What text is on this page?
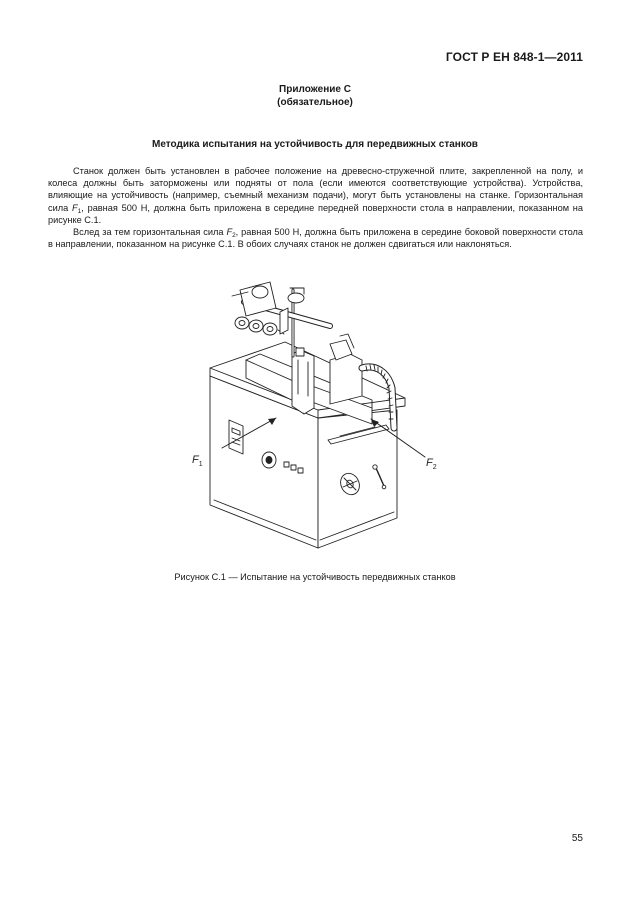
ГОСТ Р ЕН 848-1—2011
Приложение С
(обязательное)
Методика испытания на устойчивость для передвижных станков

Станок должен быть установлен в рабочее положение на древесно-стружечной плите, закрепленной на полу, и колеса должны быть заторможены или подняты от пола (если имеются соответствующие устройства). Устройства, влияющие на устойчивость (например, съемный механизм подачи), могут быть установлены на станке. Горизонтальная сила $F_1$, равная 500 Н, должна быть приложена в середине передней поверхности стола в направлении, показанном на рисунке С.1.

Вслед за тем горизонтальная сила $F_2$, равная 500 Н, должна быть приложена в середине боковой поверхности стола в направлении, показанном на рисунке С.1. В обоих случаях станок не должен сдвигаться или наклоняться.

$F_1$	$F_2$
Рисунок С.1 — Испытание на устойчивость передвижных станков
55
